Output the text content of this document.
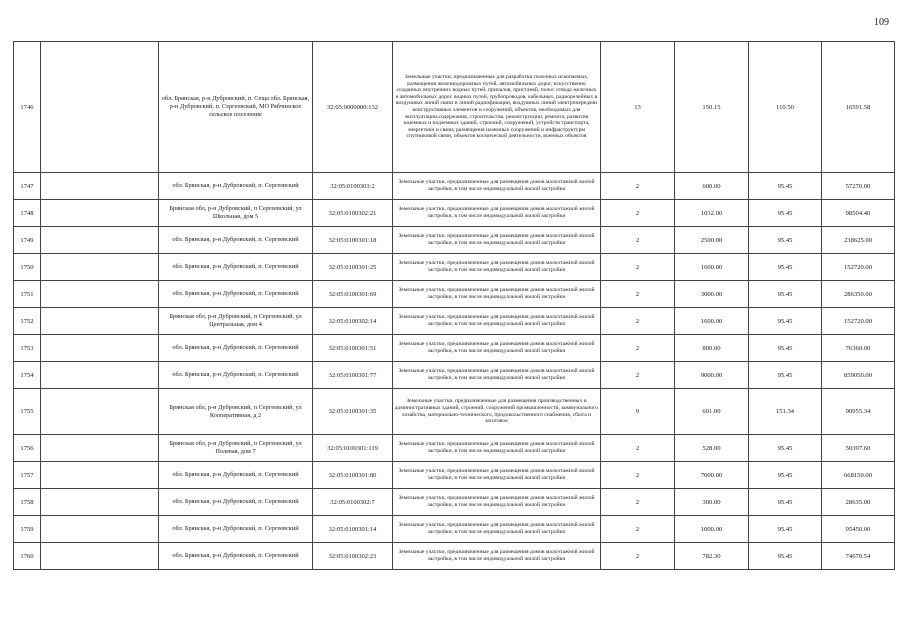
109
1746		обл. Брянская, р-н Дубровский, п. Сеща обл. Брянская, р-н Дубровский, п. Сергеевский, МО Рябчинское сельское поселение	32:05:0000000:132	Земельные участки, предназначенные для разработки полезных ископаемых, размещения железнодорожных путей, автомобильных дорог, искусственно созданных внутренних водных путей, причалов, пристаней, полос отвода железных и автомобильных дорог, водных путей, трубопроводов, кабельных, радиорелейных и воздушных линий связи и линий радиофикации, воздушных линий электропередачи конструктивных элементов и сооружений, объектов, необходимых для эксплуатации,содержания, строительства, реконструкции, ремонта, развития наземных и подземных зданий, строений, сооружений, устройств транспорта, энергетики и связи; размещения наземных сооружений и инфраструктуры спутниковой связи, объектов космической деятельности, военных объектов	13	150.15	110.50	16591.58
1747		обл. Брянская, р-н Дубровский, п. Сергеевский	32:05:0100303:2	Земельные участки, предназначенные для размещения домов малоэтажной жилой застройки, в том числе индивидуальной жилой застройки	2	600.00	95.45	57270.00
1748		Брянская обл, р-н Дубровский, п Сергеевский, ул Школьная, дом 5	32:05:0100302:21	Земельные участки, предназначенные для размещения домов малоэтажной жилой застройки, в том числе индивидуальной жилой застройки	2	1032.00	95.45	98504.40
1749		обл. Брянская, р-н Дубровский, п. Сергеевский	32:05:0100301:18	Земельные участки, предназначенные для размещения домов малоэтажной жилой застройки, в том числе индивидуальной жилой застройки	2	2500.00	95.45	238625.00
1750		обл. Брянская, р-н Дубровский, п. Сергеевский	32:05:0100301:25	Земельные участки, предназначенные для размещения домов малоэтажной жилой застройки, в том числе индивидуальной жилой застройки	2	1600.00	95.45	152720.00
1751		обл. Брянская, р-н Дубровский, п. Сергеевский	32:05:0100301:69	Земельные участки, предназначенные для размещения домов малоэтажной жилой застройки, в том числе индивидуальной жилой застройки	2	3000.00	95.45	286350.00
1752		Брянская обл, р-н Дубровский, п Сергеевский, ул Центральная, дом 4	32:05:0100302:14	Земельные участки, предназначенные для размещения домов малоэтажной жилой застройки, в том числе индивидуальной жилой застройки	2	1600.00	95.45	152720.00
1753		обл. Брянская, р-н Дубровский, п. Сергеевский	32:05:0100301:51	Земельные участки, предназначенные для размещения домов малоэтажной жилой застройки, в том числе индивидуальной жилой застройки	2	800.00	95.45	76360.00
1754		обл. Брянская, р-н Дубровский, п. Сергеевский	32:05:0100301:77	Земельные участки, предназначенные для размещения домов малоэтажной жилой застройки, в том числе индивидуальной жилой застройки	2	9000.00	95.45	859050.00
1755		Брянская обл, р-н Дубровский, п Сергеевский, ул Кооперативная, д 2	32:05:0100301:35	Земельные участки, предназначенные для размещения производственных и административных зданий, строений, сооружений промышленности, коммунального хозяйства, материально-технического, продовольственного снабжения, сбыта и заготовок	9	601.00	151.34	90955.34
1756		Брянская обл, р-н Дубровский, п Сергеевский, ул Полевая, дом 7	32:05:0100301:119	Земельные участки, предназначенные для размещения домов малоэтажной жилой застройки, в том числе индивидуальной жилой застройки	2	528.00	95.45	50397.60
1757		обл. Брянская, р-н Дубровский, п. Сергеевский	32:05:0100301:80	Земельные участки, предназначенные для размещения домов малоэтажной жилой застройки, в том числе индивидуальной жилой застройки	2	7000.00	95.45	668150.00
1758		обл. Брянская, р-н Дубровский, п. Сергеевский	32:05:0100302:7	Земельные участки, предназначенные для размещения домов малоэтажной жилой застройки, в том числе индивидуальной жилой застройки	2	300.00	95.45	28635.00
1759		обл. Брянская, р-н Дубровский, п. Сергеевский	32:05:0100301:14	Земельные участки, предназначенные для размещения домов малоэтажной жилой застройки, в том числе индивидуальной жилой застройки	2	1000.00	95.45	95450.00
1760		обл. Брянская, р-н Дубровский, п. Сергеевский	32:05:0100302:23	Земельные участки, предназначенные для размещения домов малоэтажной жилой застройки, в том числе индивидуальной жилой застройки	2	782.30	95.45	74670.54
